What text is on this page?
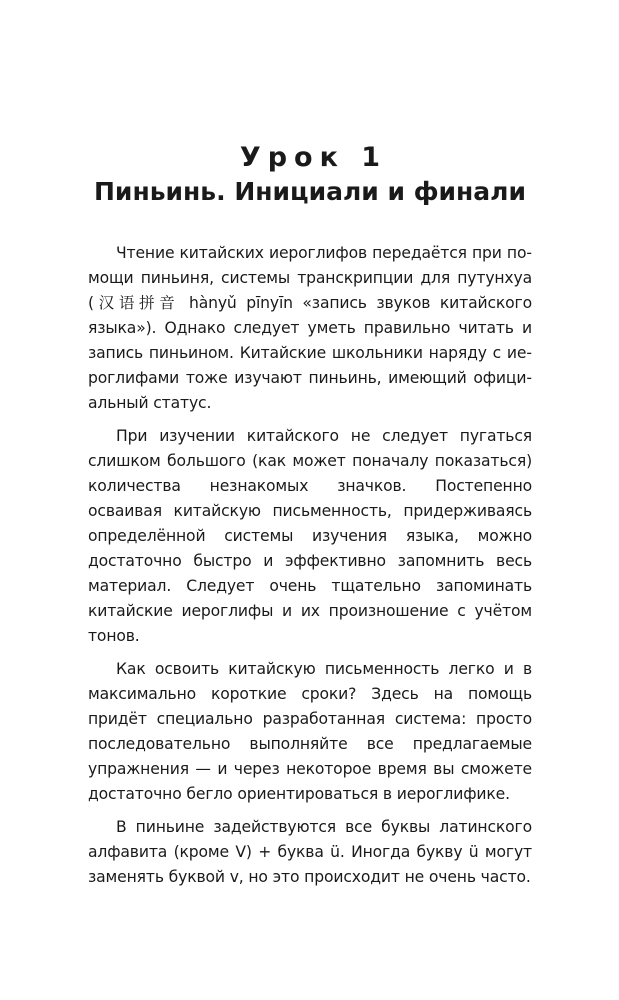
Урок 1
Пиньинь. Инициали и финали

Чтение китайских иероглифов передаётся при помощи пиньиня, системы транскрипции для путунхуа (汉语拼音 hànyǔ pīnyīn «запись звуков китайского языка»). Однако следует уметь правильно читать и запись пиньином. Китайские школьники наряду с иероглифами тоже изучают пиньинь, имеющий официальный статус.

При изучении китайского не следует пугаться слишком большого (как может поначалу показаться) количества незнакомых значков. Постепенно осваивая китайскую письменность, придерживаясь определённой системы изучения языка, можно достаточно быстро и эффективно запомнить весь материал. Следует очень тщательно запоминать китайские иероглифы и их произношение с учётом тонов.

Как освоить китайскую письменность легко и в максимально короткие сроки? Здесь на помощь придёт специально разработанная система: просто последовательно выполняйте все предлагаемые упражнения — и через некоторое время вы сможете достаточно бегло ориентироваться в иероглифике.

В пиньине задействуются все буквы латинского алфавита (кроме V) + буква ü. Иногда букву ü могут заменять буквой v, но это происходит не очень часто.
